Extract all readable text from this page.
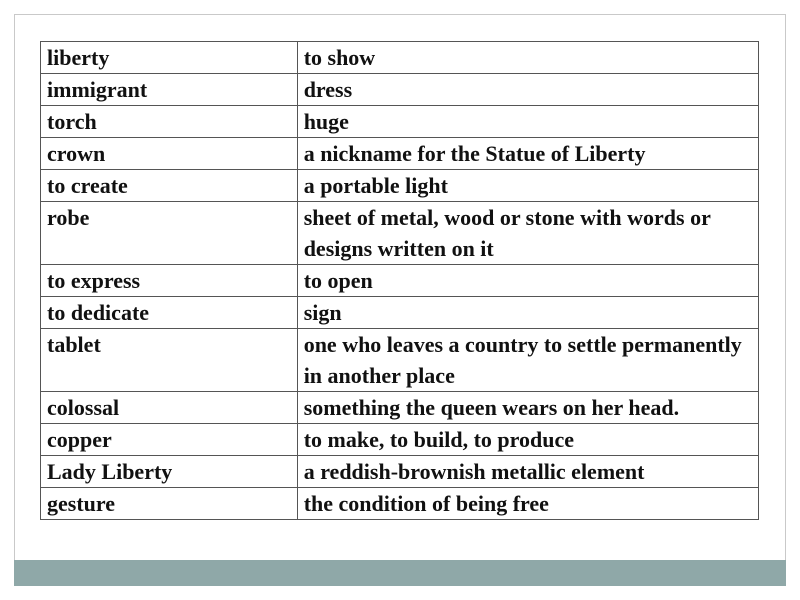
liberty	to show
immigrant	dress
torch	huge
crown	a nickname for the Statue of Liberty
to create	a portable light
robe	sheet of metal, wood or stone with words or designs written on it
to express	to open
to dedicate	sign
tablet	one who leaves a country to settle permanently in another place
colossal	something the queen wears on her head.
copper	to make, to build, to produce
Lady Liberty	a reddish-brownish metallic element
gesture	the condition of being free
